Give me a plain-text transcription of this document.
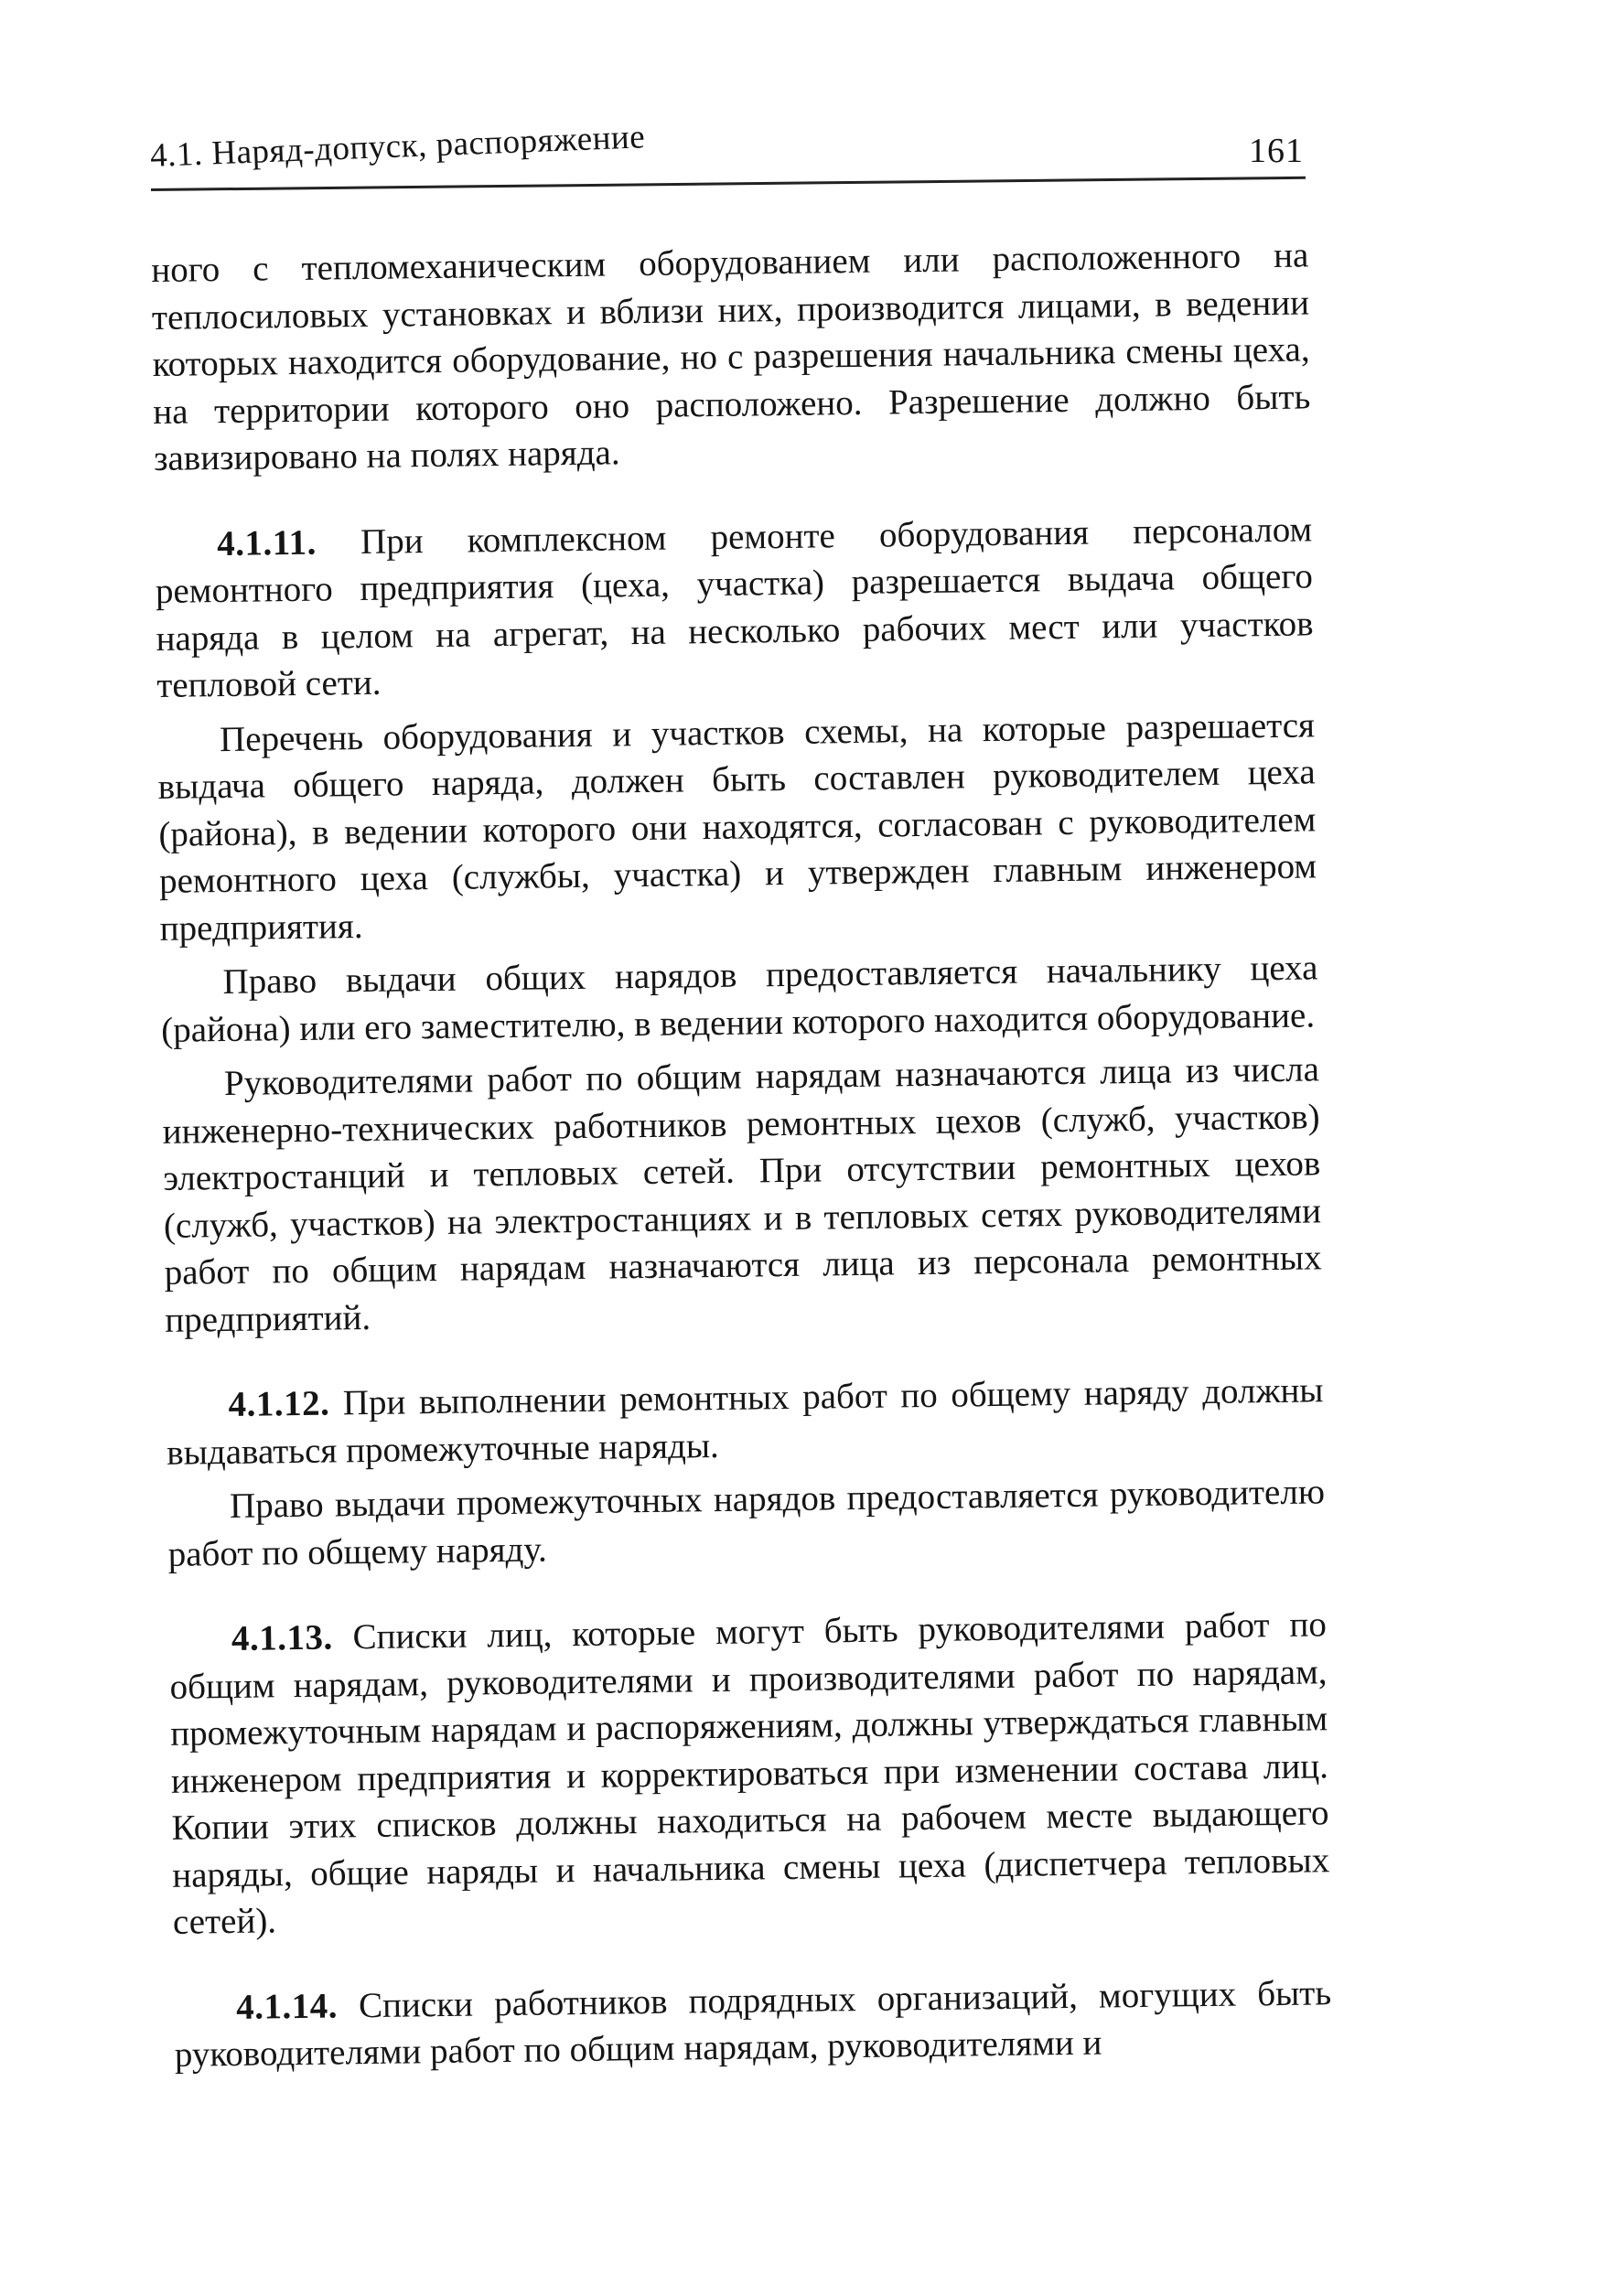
4.1. Наряд-допуск, распоряжение	161

ного с тепломеханическим оборудованием или расположенного на теплосиловых установках и вблизи них, производится лицами, в ведении которых находится оборудование, но с разрешения начальника смены цеха, на территории которого оно расположено. Разрешение должно быть завизировано на полях наряда.

4.1.11. При комплексном ремонте оборудования персоналом ремонтного предприятия (цеха, участка) разрешается выдача общего наряда в целом на агрегат, на несколько рабочих мест или участков тепловой сети.

Перечень оборудования и участков схемы, на которые разрешается выдача общего наряда, должен быть составлен руководителем цеха (района), в ведении которого они находятся, согласован с руководителем ремонтного цеха (службы, участка) и утвержден главным инженером предприятия.

Право выдачи общих нарядов предоставляется начальнику цеха (района) или его заместителю, в ведении которого находится оборудование.

Руководителями работ по общим нарядам назначаются лица из числа инженерно-технических работников ремонтных цехов (служб, участков) электростанций и тепловых сетей. При отсутствии ремонтных цехов (служб, участков) на электростанциях и в тепловых сетях руководителями работ по общим нарядам назначаются лица из персонала ремонтных предприятий.

4.1.12. При выполнении ремонтных работ по общему наряду должны выдаваться промежуточные наряды.

Право выдачи промежуточных нарядов предоставляется руководителю работ по общему наряду.

4.1.13. Списки лиц, которые могут быть руководителями работ по общим нарядам, руководителями и производителями работ по нарядам, промежуточным нарядам и распоряжениям, должны утверждаться главным инженером предприятия и корректироваться при изменении состава лиц. Копии этих списков должны находиться на рабочем месте выдающего наряды, общие наряды и начальника смены цеха (диспетчера тепловых сетей).

4.1.14. Списки работников подрядных организаций, могущих быть руководителями работ по общим нарядам, руководителями и
